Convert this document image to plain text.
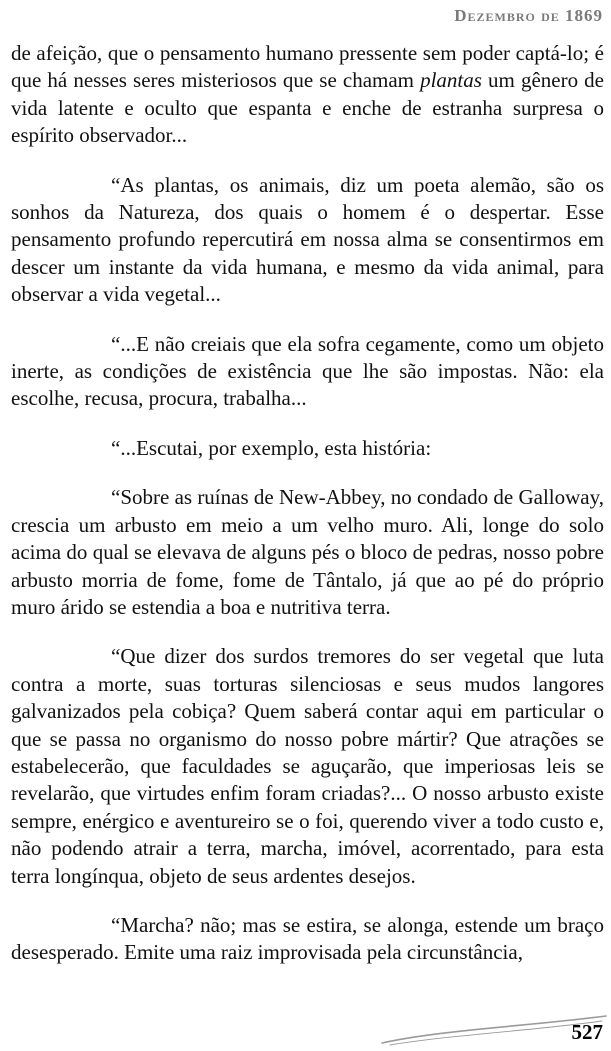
Dezembro de 1869

de afeição, que o pensamento humano pressente sem poder captá-lo; é que há nesses seres misteriosos que se chamam plantas um gênero de vida latente e oculto que espanta e enche de estranha surpresa o espírito observador...

“As plantas, os animais, diz um poeta alemão, são os sonhos da Natureza, dos quais o homem é o despertar. Esse pensamento profundo repercutirá em nossa alma se consentirmos em descer um instante da vida humana, e mesmo da vida animal, para observar a vida vegetal...

“...E não creiais que ela sofra cegamente, como um objeto inerte, as condições de existência que lhe são impostas. Não: ela escolhe, recusa, procura, trabalha...

“...Escutai, por exemplo, esta história:

“Sobre as ruínas de New-Abbey, no condado de Galloway, crescia um arbusto em meio a um velho muro. Ali, longe do solo acima do qual se elevava de alguns pés o bloco de pedras, nosso pobre arbusto morria de fome, fome de Tântalo, já que ao pé do próprio muro árido se estendia a boa e nutritiva terra.

“Que dizer dos surdos tremores do ser vegetal que luta contra a morte, suas torturas silenciosas e seus mudos langores galvanizados pela cobiça? Quem saberá contar aqui em particular o que se passa no organismo do nosso pobre mártir? Que atrações se estabelecerão, que faculdades se aguçarão, que imperiosas leis se revelarão, que virtudes enfim foram criadas?... O nosso arbusto existe sempre, enérgico e aventureiro se o foi, querendo viver a todo custo e, não podendo atrair a terra, marcha, imóvel, acorrentado, para esta terra longínqua, objeto de seus ardentes desejos.

“Marcha? não; mas se estira, se alonga, estende um braço desesperado. Emite uma raiz improvisada pela circunstância,

527
